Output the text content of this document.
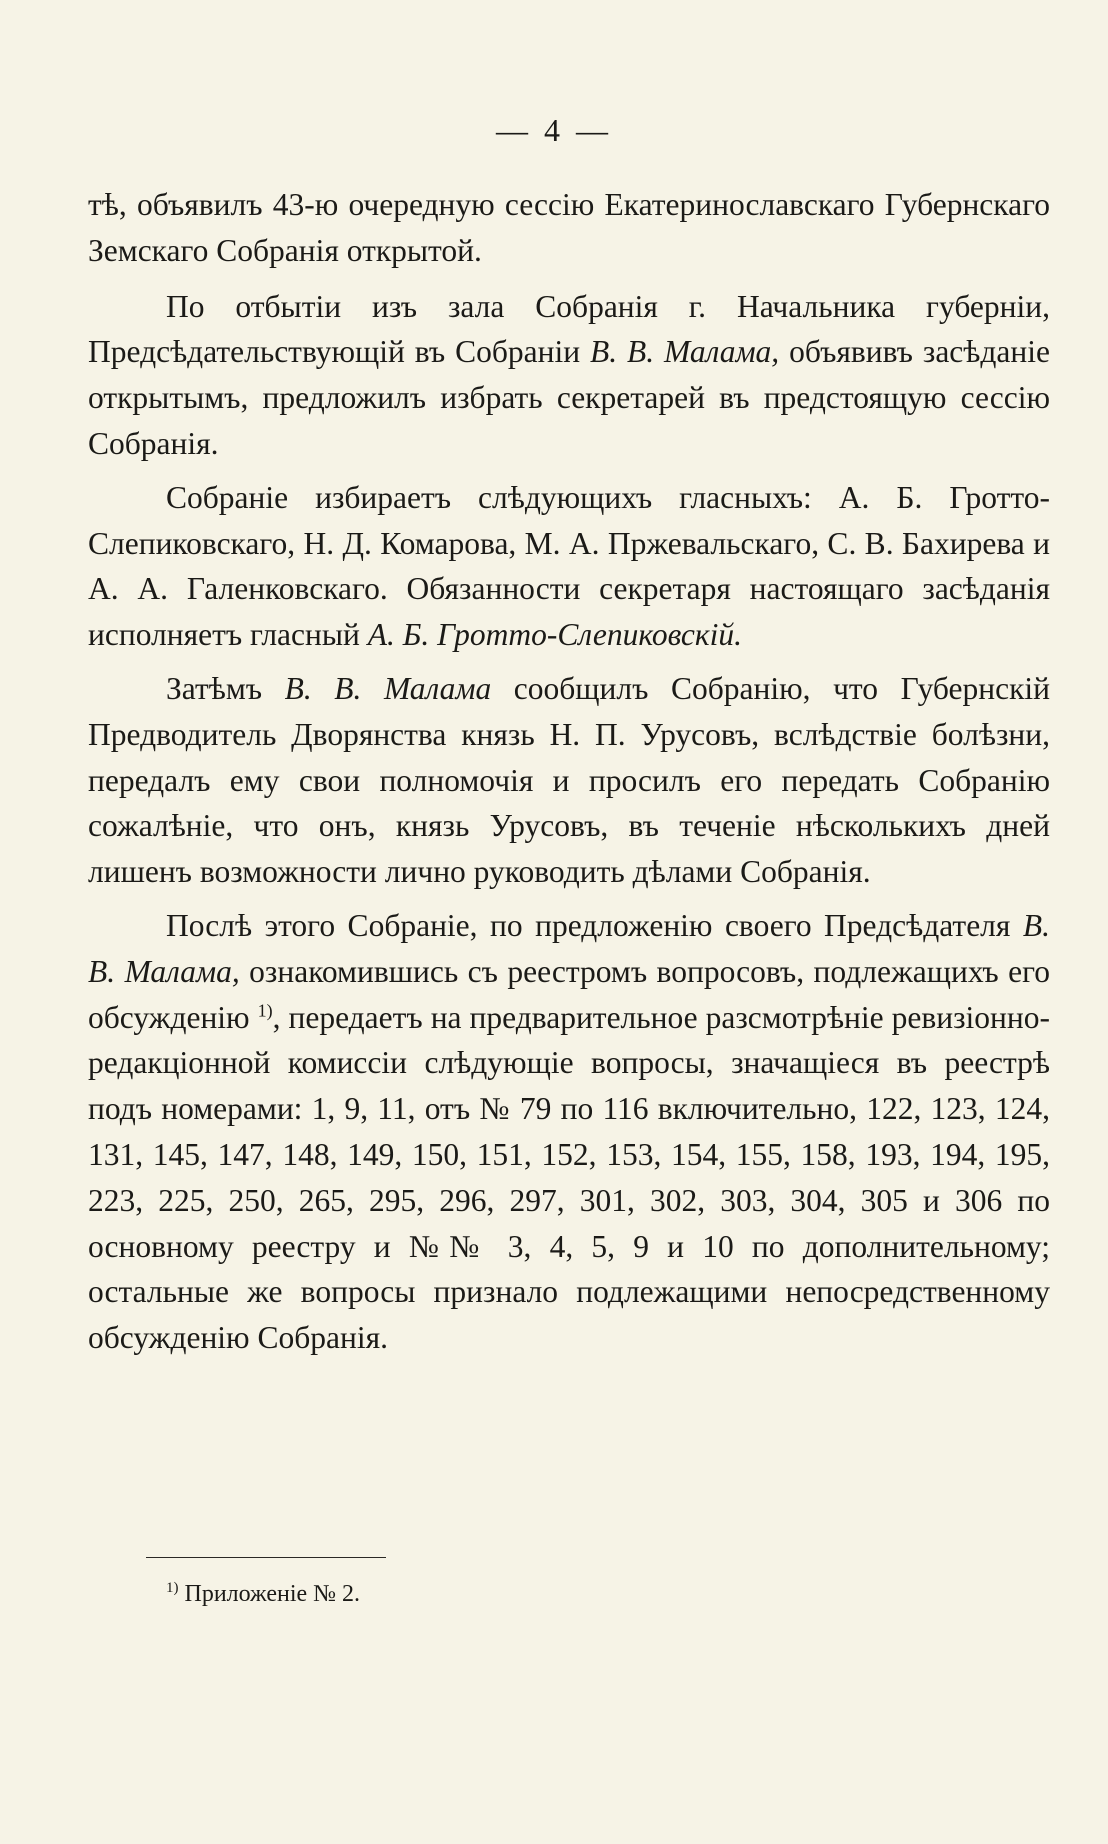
— 4 —

тѣ, объявилъ 43-ю очередную сессію Екатеринославскаго Губернскаго Земскаго Собранія открытой.

По отбытіи изъ зала Собранія г. Начальника губерніи, Предсѣдательствующій въ Собраніи В. В. Малама, объявивъ засѣданіе открытымъ, предложилъ избрать секретарей въ предстоящую сессію Собранія.

Собраніе избираетъ слѣдующихъ гласныхъ: А. Б. Гротто-Слепиковскаго, Н. Д. Комарова, М. А. Пржевальскаго, С. В. Бахирева и А. А. Галенковскаго. Обязанности секретаря настоящаго засѣданія исполняетъ гласный А. Б. Гротто-Слепиковскій.

Затѣмъ В. В. Малама сообщилъ Собранію, что Губернскій Предводитель Дворянства князь Н. П. Урусовъ, вслѣдствіе болѣзни, передалъ ему свои полномочія и просилъ его передать Собранію сожалѣніе, что онъ, князь Урусовъ, въ теченіе нѣсколькихъ дней лишенъ возможности лично руководить дѣлами Собранія.

Послѣ этого Собраніе, по предложенію своего Предсѣдателя В. В. Малама, ознакомившись съ реестромъ вопросовъ, подлежащихъ его обсужденію $^{1)}$, передаетъ на предварительное разсмотрѣніе ревизіонно-редакціонной комиссіи слѣдующіе вопросы, значащіеся въ реестрѣ подъ номерами: 1, 9, 11, отъ № 79 по 116 включительно, 122, 123, 124, 131, 145, 147, 148, 149, 150, 151, 152, 153, 154, 155, 158, 193, 194, 195, 223, 225, 250, 265, 295, 296, 297, 301, 302, 303, 304, 305 и 306 по основному реестру и №№ 3, 4, 5, 9 и 10 по дополнительному; остальные же вопросы признало подлежащими непосредственному обсужденію Собранія.

$^{1)}$ Приложеніе № 2.
